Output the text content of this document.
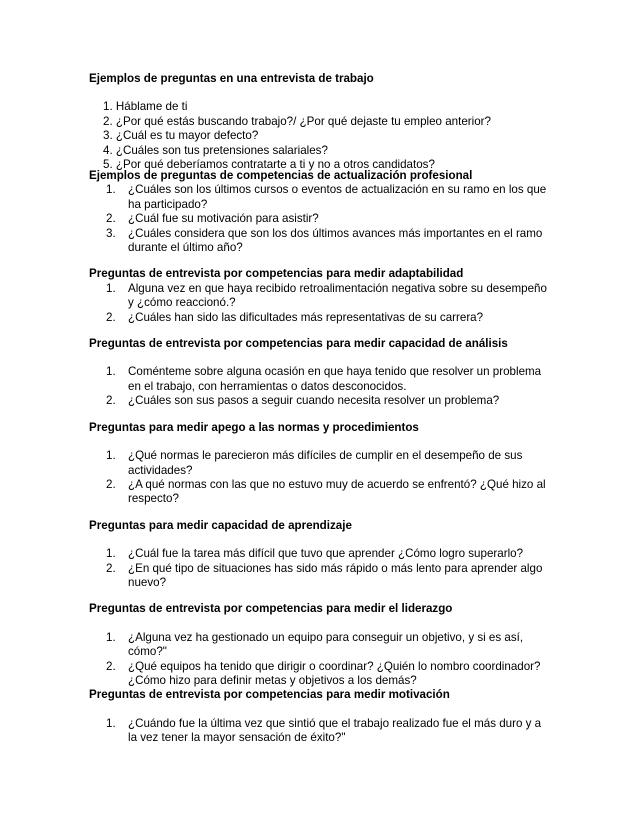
Ejemplos de preguntas en una entrevista de trabajo

1. Háblame de ti
2. ¿Por qué estás buscando trabajo?/ ¿Por qué dejaste tu empleo anterior?
3. ¿Cuál es tu mayor defecto?
4. ¿Cuáles son tus pretensiones salariales?
5. ¿Por qué deberíamos contratarte a ti y no a otros candidatos?

Ejemplos de preguntas de competencias de actualización profesional

1. ¿Cuáles son los últimos cursos o eventos de actualización en su ramo en los que ha participado?
2. ¿Cuál fue su motivación para asistir?
3. ¿Cuáles considera que son los dos últimos avances más importantes en el ramo durante el último año?

Preguntas de entrevista por competencias para medir adaptabilidad

1. Alguna vez en que haya recibido retroalimentación negativa sobre su desempeño y ¿cómo reaccionó.?
2. ¿Cuáles han sido las dificultades más representativas de su carrera?

Preguntas de entrevista por competencias para medir capacidad de análisis

1. Coménteme sobre alguna ocasión en que haya tenido que resolver un problema en el trabajo, con herramientas o datos desconocidos.
2. ¿Cuáles son sus pasos a seguir cuando necesita resolver un problema?

Preguntas para medir apego a las normas y procedimientos

1. ¿Qué normas le parecieron más difíciles de cumplir en el desempeño de sus actividades?
2. ¿A qué normas con las que no estuvo muy de acuerdo se enfrentó? ¿Qué hizo al respecto?

Preguntas para medir capacidad de aprendizaje

1. ¿Cuál fue la tarea más difícil que tuvo que aprender ¿Cómo logro superarlo?
2. ¿En qué tipo de situaciones has sido más rápido o más lento para aprender algo nuevo?

Preguntas de entrevista por competencias para medir el liderazgo

1. ¿Alguna vez ha gestionado un equipo para conseguir un objetivo, y si es así, cómo?"
2. ¿Qué equipos ha tenido que dirigir o coordinar? ¿Quién lo nombro coordinador? ¿Cómo hizo para definir metas y objetivos a los demás?

Preguntas de entrevista por competencias para medir motivación

1. ¿Cuándo fue la última vez que sintió que el trabajo realizado fue el más duro y a la vez tener la mayor sensación de éxito?"
